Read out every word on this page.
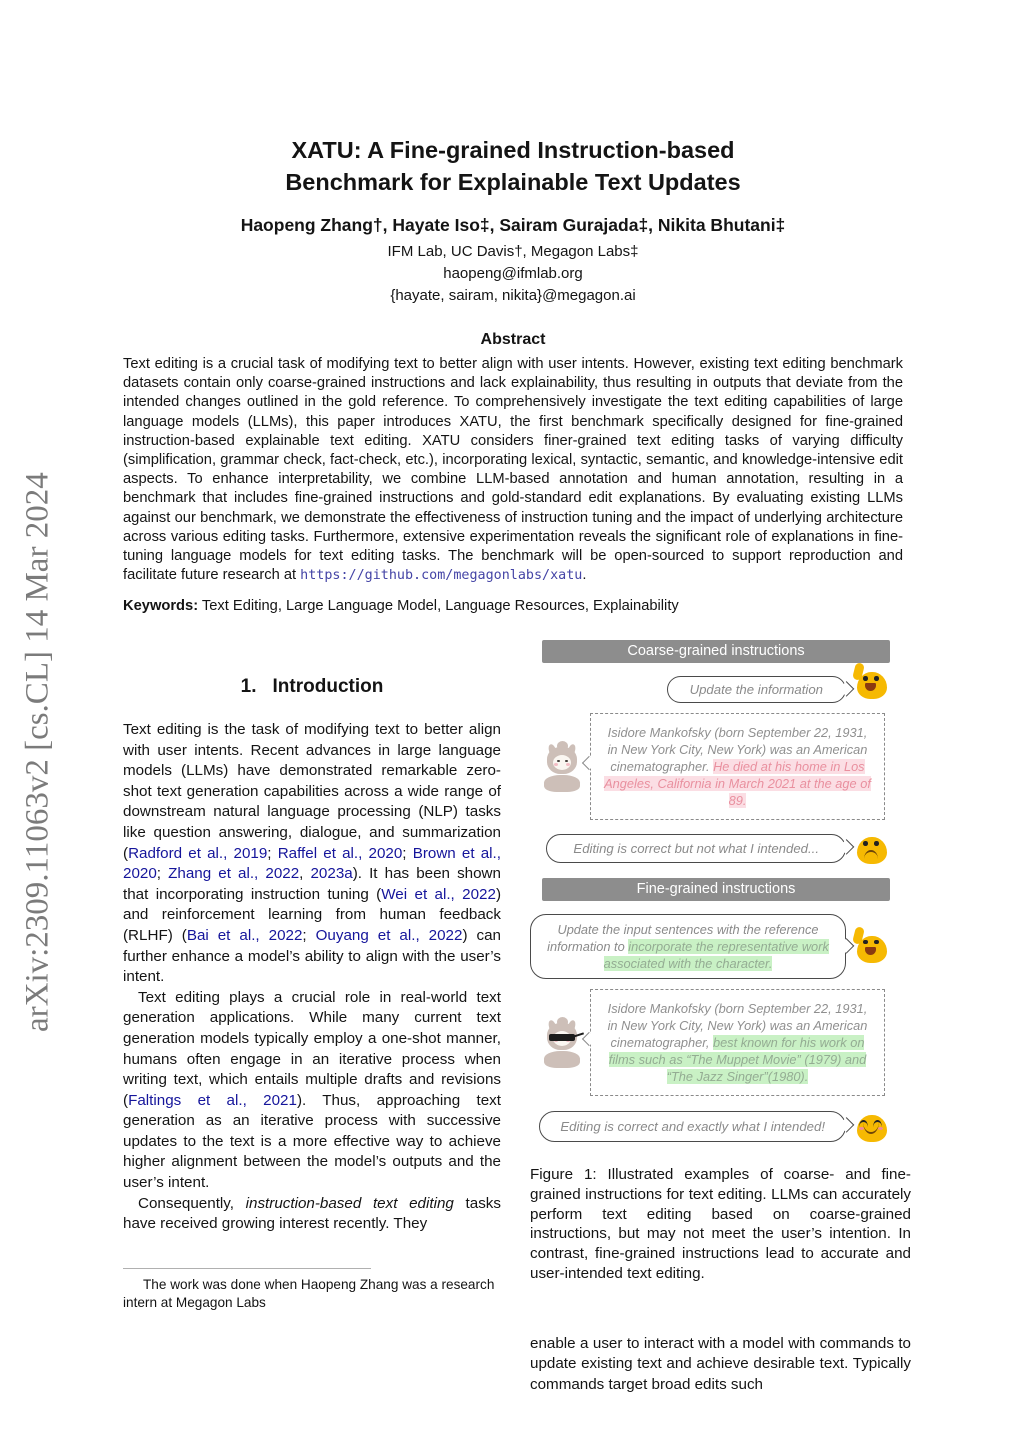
arXiv:2309.11063v2 [cs.CL] 14 Mar 2024
XATU: A Fine-grained Instruction-based
Benchmark for Explainable Text Updates
Haopeng Zhang†, Hayate Iso‡, Sairam Gurajada‡, Nikita Bhutani‡
IFM Lab, UC Davis†, Megagon Labs‡
haopeng@ifmlab.org
{hayate, sairam, nikita}@megagon.ai
Abstract
Text editing is a crucial task of modifying text to better align with user intents. However, existing text editing benchmark datasets contain only coarse-grained instructions and lack explainability, thus resulting in outputs that deviate from the intended changes outlined in the gold reference. To comprehensively investigate the text editing capabilities of large language models (LLMs), this paper introduces XATU, the first benchmark specifically designed for fine-grained instruction-based explainable text editing. XATU considers finer-grained text editing tasks of varying difficulty (simplification, grammar check, fact-check, etc.), incorporating lexical, syntactic, semantic, and knowledge-intensive edit aspects. To enhance interpretability, we combine LLM-based annotation and human annotation, resulting in a benchmark that includes fine-grained instructions and gold-standard edit explanations. By evaluating existing LLMs against our benchmark, we demonstrate the effectiveness of instruction tuning and the impact of underlying architecture across various editing tasks. Furthermore, extensive experimentation reveals the significant role of explanations in fine-tuning language models for text editing tasks. The benchmark will be open-sourced to support reproduction and facilitate future research at https://github.com/megagonlabs/xatu.
Keywords: Text Editing, Large Language Model, Language Resources, Explainability
1. Introduction

Text editing is the task of modifying text to better align with user intents. Recent advances in large language models (LLMs) have demonstrated remarkable zero-shot text generation capabilities across a wide range of downstream natural language processing (NLP) tasks like question answering, dialogue, and summarization (Radford et al., 2019; Raffel et al., 2020; Brown et al., 2020; Zhang et al., 2022, 2023a). It has been shown that incorporating instruction tuning (Wei et al., 2022) and reinforcement learning from human feedback (RLHF) (Bai et al., 2022; Ouyang et al., 2022) can further enhance a model’s ability to align with the user’s intent.

Text editing plays a crucial role in real-world text generation applications. While many current text generation models typically employ a one-shot manner, humans often engage in an iterative process when writing text, which entails multiple drafts and revisions (Faltings et al., 2021). Thus, approaching text generation as an iterative process with successive updates to the text is a more effective way to achieve higher alignment between the model’s outputs and the user’s intent.

Consequently, instruction-based text editing tasks have received growing interest recently. They

The work was done when Haopeng Zhang was a research intern at Megagon Labs

Coarse-grained instructions
Update the information
Isidore Mankofsky (born September 22, 1931, in New York City, New York) was an American cinematographer. He died at his home in Los Angeles, California in March 2021 at the age of 89.
Editing is correct but not what I intended...
Fine-grained instructions
Update the input sentences with the reference information to incorporate the representative work associated with the character.
Isidore Mankofsky (born September 22, 1931, in New York City, New York) was an American cinematographer, best known for his work on films such as “The Muppet Movie” (1979) and “The Jazz Singer”(1980).
Editing is correct and exactly what I intended!

Figure 1: Illustrated examples of coarse- and fine-grained instructions for text editing. LLMs can accurately perform text editing based on coarse-grained instructions, but may not meet the user’s intention. In contrast, fine-grained instructions lead to accurate and user-intended text editing.

enable a user to interact with a model with commands to update existing text and achieve desirable text. Typically commands target broad edits such
